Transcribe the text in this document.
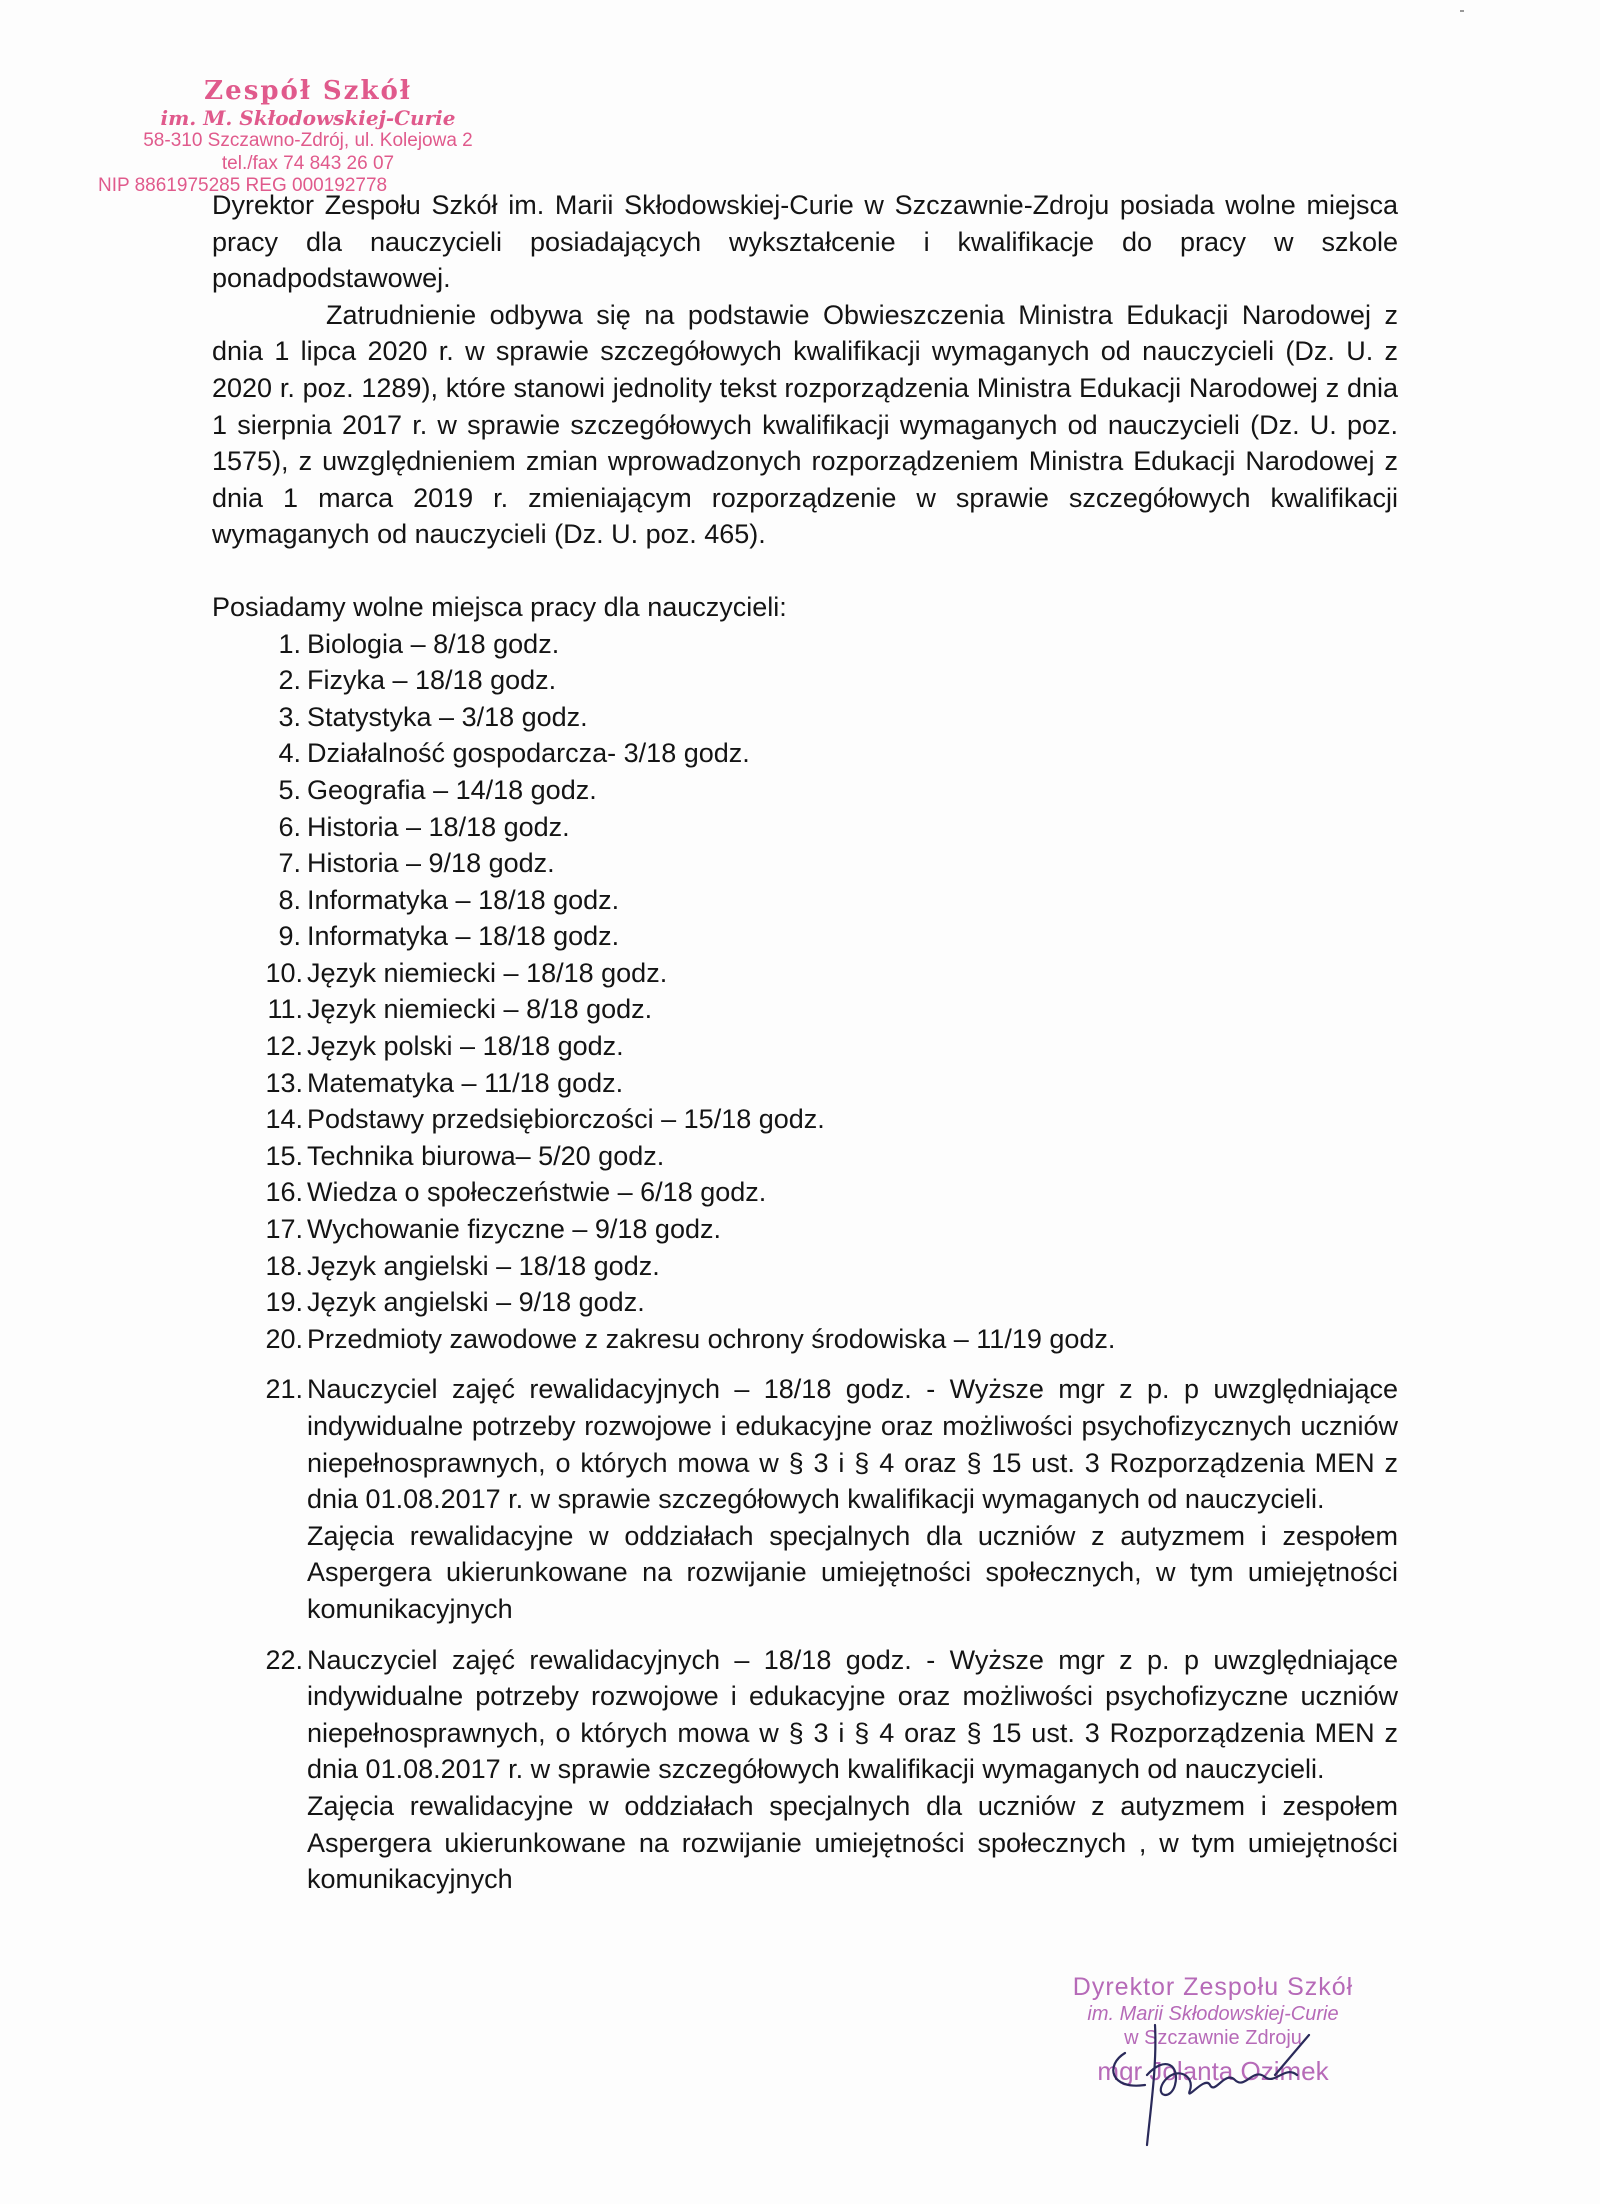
Zespół Szkół
im. M. Skłodowskiej-Curie
58-310 Szczawno-Zdrój, ul. Kolejowa 2
tel./fax 74 843 26 07
NIP 8861975285 REG 000192778

Dyrektor Zespołu Szkół im. Marii Skłodowskiej-Curie w Szczawnie-Zdroju posiada wolne miejsca pracy dla nauczycieli posiadających wykształcenie i kwalifikacje do pracy w szkole ponadpodstawowej.

Zatrudnienie odbywa się na podstawie Obwieszczenia Ministra Edukacji Narodowej z dnia 1 lipca 2020 r. w sprawie szczegółowych kwalifikacji wymaganych od nauczycieli (Dz. U. z 2020 r. poz. 1289), które stanowi jednolity tekst rozporządzenia Ministra Edukacji Narodowej z dnia 1 sierpnia 2017 r. w sprawie szczegółowych kwalifikacji wymaganych od nauczycieli (Dz. U. poz. 1575), z uwzględnieniem zmian wprowadzonych rozporządzeniem Ministra Edukacji Narodowej z dnia 1 marca 2019 r. zmieniającym rozporządzenie w sprawie szczegółowych kwalifikacji wymaganych od nauczycieli (Dz. U. poz. 465).

Posiadamy wolne miejsca pracy dla nauczycieli:

1. Biologia – 8/18 godz.
2. Fizyka – 18/18 godz.
3. Statystyka – 3/18 godz.
4. Działalność gospodarcza- 3/18 godz.
5. Geografia – 14/18 godz.
6. Historia – 18/18 godz.
7. Historia – 9/18 godz.
8. Informatyka – 18/18 godz.
9. Informatyka – 18/18 godz.
10. Język niemiecki – 18/18 godz.
11. Język niemiecki – 8/18 godz.
12. Język polski – 18/18 godz.
13. Matematyka – 11/18 godz.
14. Podstawy przedsiębiorczości – 15/18 godz.
15. Technika biurowa– 5/20 godz.
16. Wiedza o społeczeństwie – 6/18 godz.
17. Wychowanie fizyczne – 9/18 godz.
18. Język angielski – 18/18 godz.
19. Język angielski – 9/18 godz.
20. Przedmioty zawodowe z zakresu ochrony środowiska – 11/19 godz.
21. Nauczyciel zajęć rewalidacyjnych – 18/18 godz. - Wyższe mgr z p. p uwzględniające indywidualne potrzeby rozwojowe i edukacyjne oraz możliwości psychofizycznych uczniów niepełnosprawnych, o których mowa w § 3 i § 4 oraz § 15 ust. 3 Rozporządzenia MEN z dnia 01.08.2017 r. w sprawie szczegółowych kwalifikacji wymaganych od nauczycieli.

Zajęcia rewalidacyjne w oddziałach specjalnych dla uczniów z autyzmem i zespołem Aspergera ukierunkowane na rozwijanie umiejętności społecznych, w tym umiejętności komunikacyjnych

22. Nauczyciel zajęć rewalidacyjnych – 18/18 godz. - Wyższe mgr z p. p uwzględniające indywidualne potrzeby rozwojowe i edukacyjne oraz możliwości psychofizyczne uczniów niepełnosprawnych, o których mowa w § 3 i § 4 oraz § 15 ust. 3 Rozporządzenia MEN z dnia 01.08.2017 r. w sprawie szczegółowych kwalifikacji wymaganych od nauczycieli.

Zajęcia rewalidacyjne w oddziałach specjalnych dla uczniów z autyzmem i zespołem Aspergera ukierunkowane na rozwijanie umiejętności społecznych , w tym umiejętności komunikacyjnych

Dyrektor Zespołu Szkół
im. Marii Skłodowskiej-Curie
w Szczawnie Zdroju
mgr Jolanta Ozimek
